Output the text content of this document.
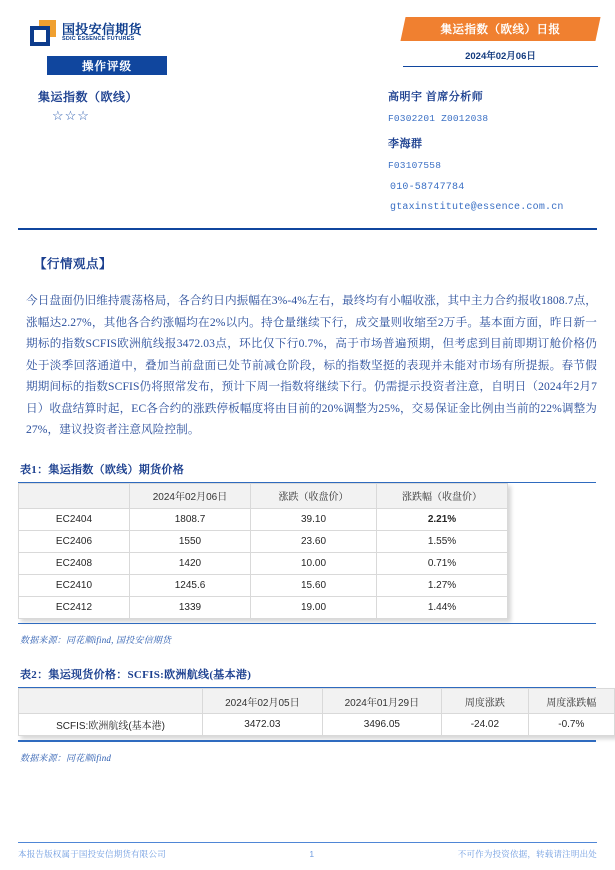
国投安信期货
SDIC ESSENCE FUTURES
操作评级
集运指数（欧线）
☆☆☆
集运指数（欧线）日报
2024年02月06日
高明宇 首席分析师
F0302201 Z0012038
李海群
F03107558
010-58747784
gtaxinstitute@essence.com.cn
【行情观点】
今日盘面仍旧维持震荡格局，各合约日内振幅在3%-4%左右，最终均有小幅收涨，其中主力合约报收1808.7点，涨幅达2.27%，其他各合约涨幅均在2%以内。持仓量继续下行，成交量则收缩至2万手。基本面方面，昨日新一期标的指数SCFIS欧洲航线报3472.03点，环比仅下行0.7%，高于市场普遍预期，但考虑到目前即期订舱价格仍处于淡季回落通道中，叠加当前盘面已处节前减仓阶段，标的指数坚挺的表现并未能对市场有所提振。春节假期期间标的指数SCFIS仍将照常发布，预计下周一指数将继续下行。仍需提示投资者注意，自明日（2024年2月7日）收盘结算时起，EC各合约的涨跌停板幅度将由目前的20%调整为25%，交易保证金比例由当前的22%调整为27%，建议投资者注意风险控制。
表1：集运指数（欧线）期货价格
	2024年02月06日	涨跌（收盘价）	涨跌幅（收盘价）
EC2404	1808.7	39.10	2.21%
EC2406	1550	23.60	1.55%
EC2408	1420	10.00	0.71%
EC2410	1245.6	15.60	1.27%
EC2412	1339	19.00	1.44%
数据来源：同花顺ifind, 国投安信期货
表2：集运现货价格：SCFIS:欧洲航线(基本港)
	2024年02月05日	2024年01月29日	周度涨跌	周度涨跌幅
SCFIS:欧洲航线(基本港)	3472.03	3496.05	-24.02	-0.7%
数据来源：同花顺ifind
本报告版权属于国投安信期货有限公司	1	不可作为投资依据，转载请注明出处
